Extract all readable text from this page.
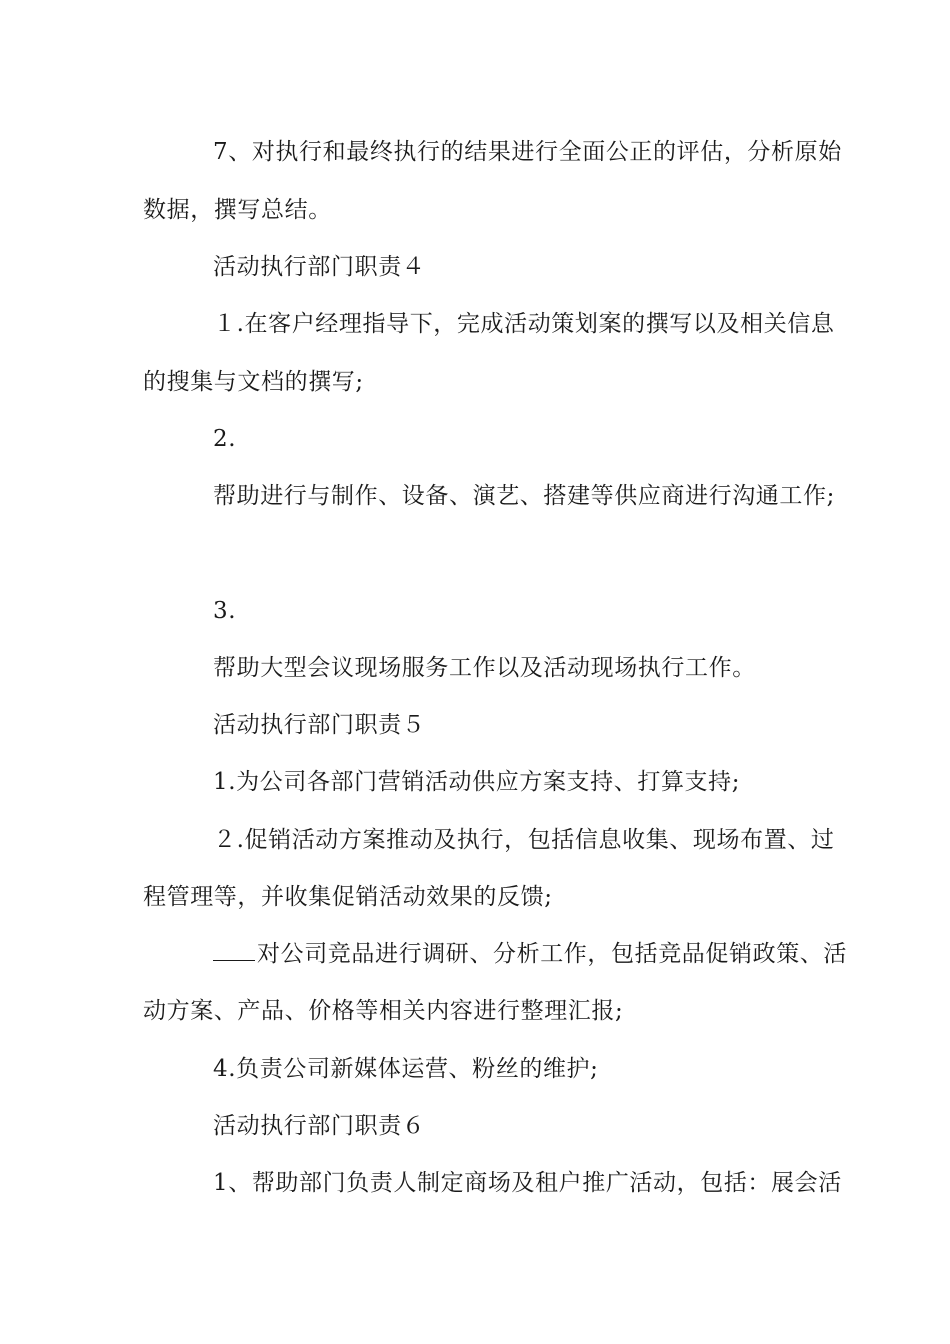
7、对执行和最终执行的结果进行全面公正的评估，分析原始
数据，撰写总结。
活动执行部门职责４
１.在客户经理指导下，完成活动策划案的撰写以及相关信息
的搜集与文档的撰写;
2.
帮助进行与制作、设备、演艺、搭建等供应商进行沟通工作;
3.
帮助大型会议现场服务工作以及活动现场执行工作。
活动执行部门职责５
1.为公司各部门营销活动供应方案支持、打算支持;
２.促销活动方案推动及执行，包括信息收集、现场布置、过
程管理等，并收集促销活动效果的反馈;
对公司竞品进行调研、分析工作，包括竞品促销政策、活
动方案、产品、价格等相关内容进行整理汇报;
4.负责公司新媒体运营、粉丝的维护;
活动执行部门职责６
1、帮助部门负责人制定商场及租户推广活动，包括：展会活
